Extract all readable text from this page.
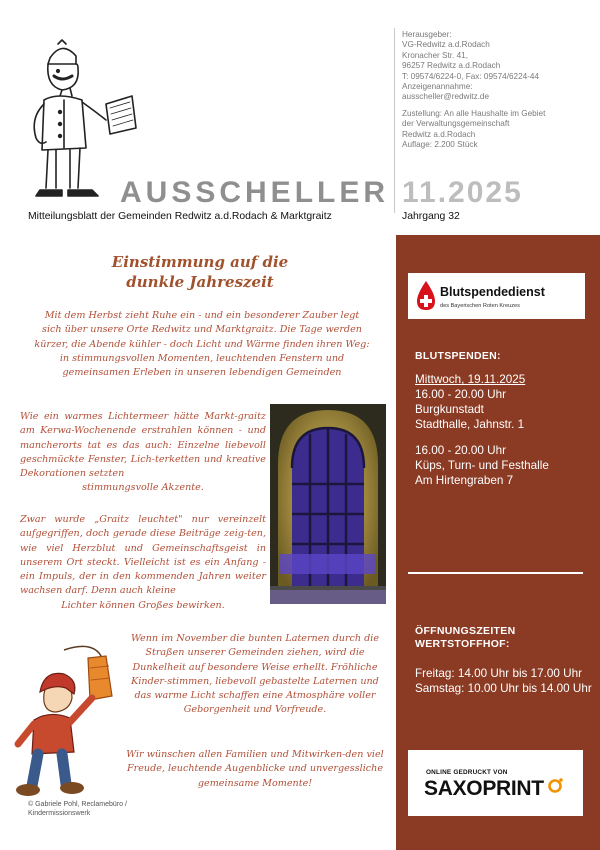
Herausgeber:
VG-Redwitz a.d.Rodach
Kronacher Str. 41,
96257 Redwitz a.d.Rodach
T: 09574/6224-0, Fax: 09574/6224-44
Anzeigenannahme:
ausscheller@redwitz.de
Zustellung: An alle Haushalte im Gebiet
der Verwaltungsgemeinschaft
Redwitz a.d.Rodach
Auflage: 2.200 Stück
AUSSCHELLER 11.2025
Mitteilungsblatt der Gemeinden Redwitz a.d.Rodach & Marktgraitz	Jahrgang 32
Einstimmung auf die
dunkle Jahreszeit
Mit dem Herbst zieht Ruhe ein - und ein besonderer Zauber legt sich über unsere Orte Redwitz und Marktgraitz. Die Tage werden kürzer, die Abende kühler - doch Licht und Wärme finden ihren Weg: in stimmungsvollen Momenten, leuchtenden Fenstern und gemeinsamen Erleben in unseren lebendigen Gemeinden
Wie ein warmes Lichtermeer hätte Markt-graitz am Kerwa-Wochenende erstrahlen können - und mancherorts tat es das auch: Einzelne liebevoll geschmückte Fenster, Lich-terketten und kreative Dekorationen setzten
stimmungsvolle Akzente.
Zwar wurde „Graitz leuchtet" nur vereinzelt aufgegriffen, doch gerade diese Beiträge zeig-ten, wie viel Herzblut und Gemeinschaftsgeist in unserem Ort steckt. Vielleicht ist es ein Anfang - ein Impuls, der in den kommenden Jahren weiter wachsen darf. Denn auch kleine
Lichter können Großes bewirken.
Wenn im November die bunten Laternen durch die Straßen unserer Gemeinden ziehen, wird die Dunkelheit auf besondere Weise erhellt. Fröhliche Kinder-stimmen, liebevoll gebastelte Laternen und das warme Licht schaffen eine Atmosphäre voller Geborgenheit und Vorfreude.
Wir wünschen allen Familien und Mitwirken-den viel Freude, leuchtende Augenblicke und unvergessliche gemeinsame Momente!
© Gabriele Pohl, Reclamebüro /
Kindermissionswerk
Blutspendedienst
des Bayerischen Roten Kreuzes
BLUTSPENDEN:
Mittwoch, 19.11.2025
16.00 - 20.00 Uhr
Burgkunstadt
Stadthalle, Jahnstr. 1
16.00 - 20.00 Uhr
Küps, Turn- und Festhalle
Am Hirtengraben 7
ÖFFNUNGSZEITEN
WERTSTOFFHOF:
Freitag: 14.00 Uhr bis 17.00 Uhr
Samstag: 10.00 Uhr bis 14.00 Uhr
ONLINE GEDRUCKT VON
SAXOPRINT
